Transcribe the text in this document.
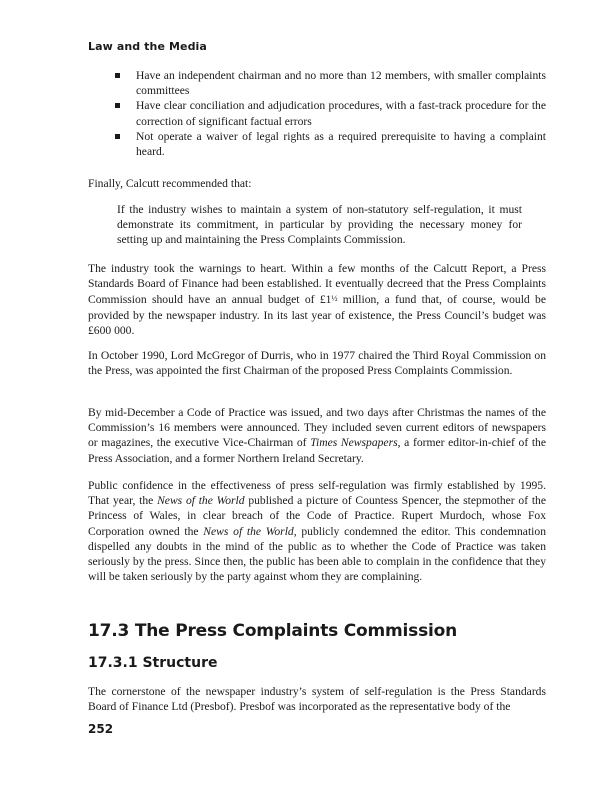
Law and the Media
Have an independent chairman and no more than 12 members, with smaller complaints committees
Have clear conciliation and adjudication procedures, with a fast-track procedure for the correction of significant factual errors
Not operate a waiver of legal rights as a required prerequisite to having a complaint heard.

Finally, Calcutt recommended that:

If the industry wishes to maintain a system of non-statutory self-regulation, it must demonstrate its commitment, in particular by providing the necessary money for setting up and maintaining the Press Complaints Commission.

The industry took the warnings to heart. Within a few months of the Calcutt Report, a Press Standards Board of Finance had been established. It eventually decreed that the Press Complaints Commission should have an annual budget of £1½ million, a fund that, of course, would be provided by the newspaper industry. In its last year of existence, the Press Council’s budget was £600 000.

In October 1990, Lord McGregor of Durris, who in 1977 chaired the Third Royal Commission on the Press, was appointed the first Chairman of the proposed Press Complaints Commission.

By mid-December a Code of Practice was issued, and two days after Christmas the names of the Commission’s 16 members were announced. They included seven current editors of newspapers or magazines, the executive Vice-Chairman of Times Newspapers, a former editor-in-chief of the Press Association, and a former Northern Ireland Secretary.

Public confidence in the effectiveness of press self-regulation was firmly established by 1995. That year, the News of the World published a picture of Countess Spencer, the stepmother of the Princess of Wales, in clear breach of the Code of Practice. Rupert Murdoch, whose Fox Corporation owned the News of the World, publicly condemned the editor. This condemnation dispelled any doubts in the mind of the public as to whether the Code of Practice was taken seriously by the press. Since then, the public has been able to complain in the confidence that they will be taken seriously by the party against whom they are complaining.

17.3 The Press Complaints Commission
17.3.1 Structure

The cornerstone of the newspaper industry’s system of self-regulation is the Press Standards Board of Finance Ltd (Presbof). Presbof was incorporated as the representative body of the

252
